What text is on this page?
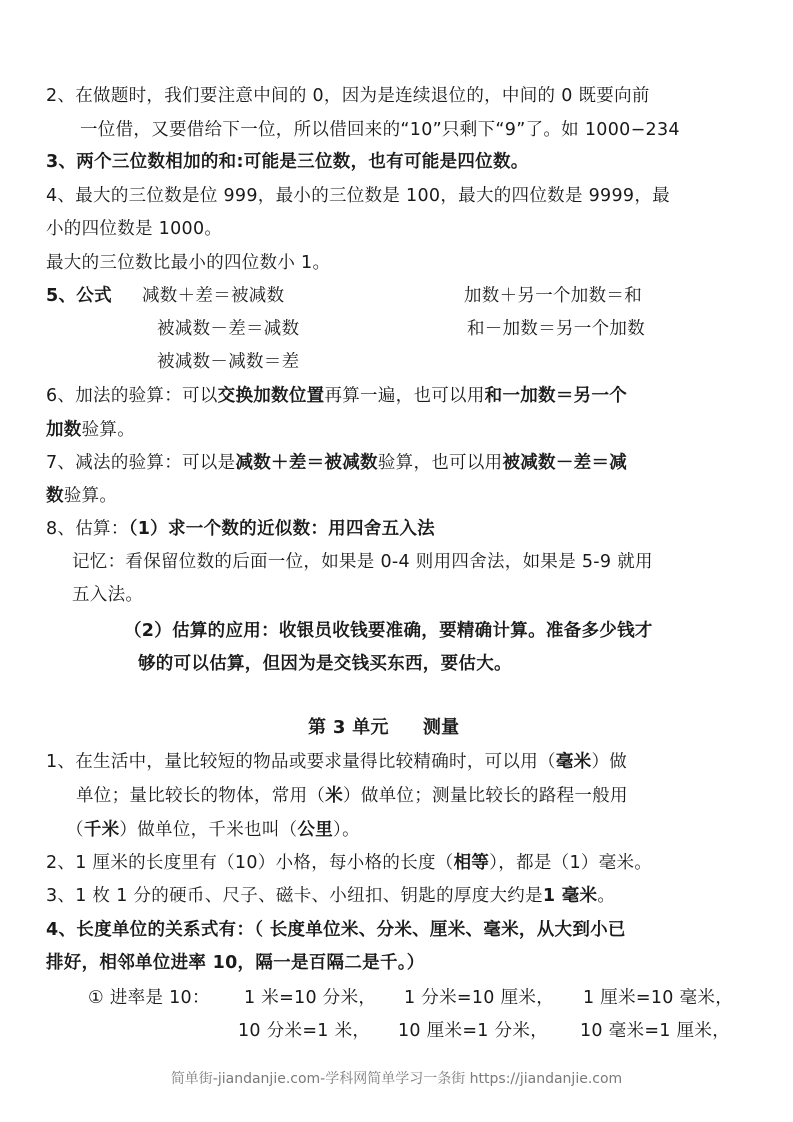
2、在做题时，我们要注意中间的 0，因为是连续退位的，中间的 0 既要向前
一位借，又要借给下一位，所以借回来的“10”只剩下“9”了。如 1000−234
3、两个三位数相加的和:可能是三位数，也有可能是四位数。
4、最大的三位数是位 999，最小的三位数是 100，最大的四位数是 9999，最
小的四位数是 1000。
最大的三位数比最小的四位数小 1。
5、公式 减数＋差＝被减数	加数＋另一个加数＝和
被减数－差＝减数	和－加数＝另一个加数
被减数－减数＝差
6、加法的验算：可以交换加数位置再算一遍，也可以用和一加数＝另一个
加数验算。
7、减法的验算：可以是减数＋差＝被减数验算，也可以用被减数－差＝减
数验算。
8、估算：（1）求一个数的近似数：用四舍五入法
记忆：看保留位数的后面一位，如果是 0-4 则用四舍法，如果是 5-9 就用
五入法。
（2）估算的应用：收银员收钱要准确，要精确计算。准备多少钱才
够的可以估算，但因为是交钱买东西，要估大。
第 3 单元 测量
1、在生活中，量比较短的物品或要求量得比较精确时，可以用（毫米）做
单位；量比较长的物体，常用（米）做单位；测量比较长的路程一般用
（千米）做单位，千米也叫（公里）。
2、1 厘米的长度里有（10）小格，每小格的长度（相等），都是（1）毫米。
3、1 枚 1 分的硬币、尺子、磁卡、小纽扣、钥匙的厚度大约是1 毫米。
4、长度单位的关系式有：（ 长度单位米、分米、厘米、毫米，从大到小已
排好，相邻单位进率 10，隔一是百隔二是千。）
① 进率是 10： 1 米=10 分米， 1 分米=10 厘米， 1 厘米=10 毫米，
10 分米=1 米， 10 厘米=1 分米， 10 毫米=1 厘米，
简单街-jiandanjie.com-学科网简单学习一条街 https://jiandanjie.com
